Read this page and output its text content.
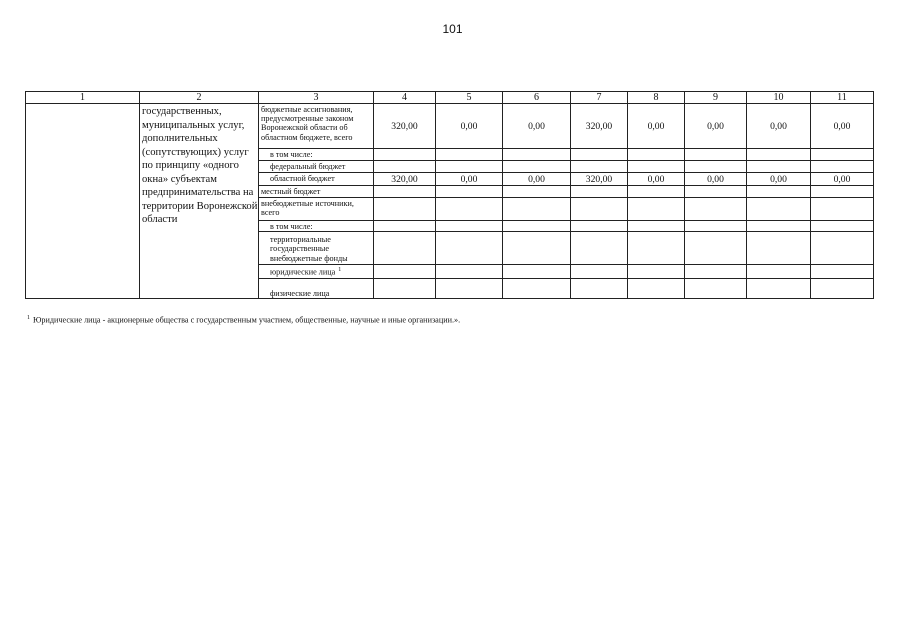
101
1	2	3	4	5	6	7	8	9	10	11
	государственных, муниципальных услуг, дополнительных (сопутствующих) услуг по принципу «одного окна» субъектам предпринимательства на территории Воронежской области	бюджетные ассигнования, предусмотренные законом Воронежской области об областном бюджете, всего	320,00	0,00	0,00	320,00	0,00	0,00	0,00	0,00
		в том числе:								
		федеральный бюджет								
		областной бюджет	320,00	0,00	0,00	320,00	0,00	0,00	0,00	0,00
		местный бюджет								
		внебюджетные источники, всего								
		в том числе:								
		территориальные государственные внебюджетные фонды								
		юридические лица $^1$								
		физические лица								
$^1$ Юридические лица - акционерные общества с государственным участием, общественные, научные и иные организации.».
